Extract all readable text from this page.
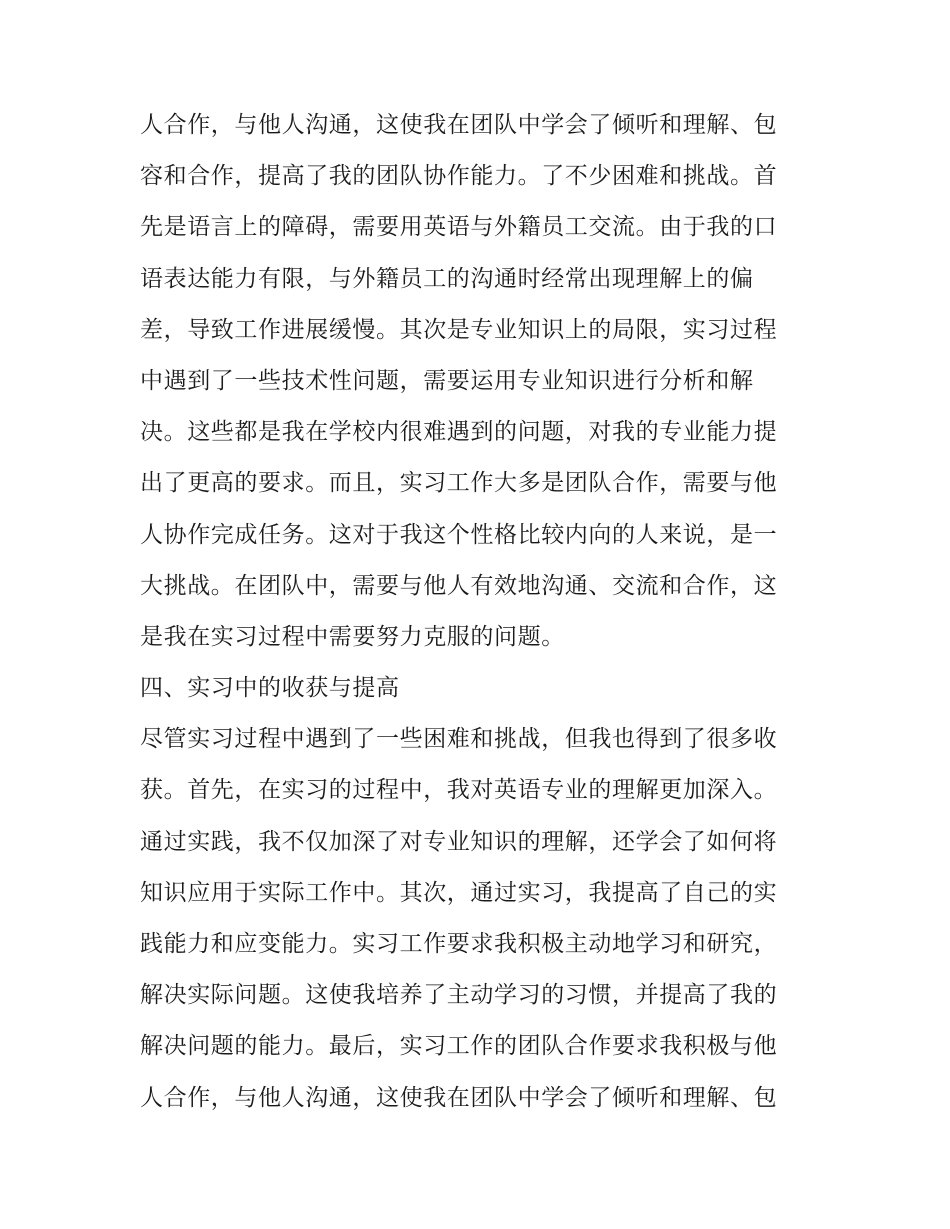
人合作，与他人沟通，这使我在团队中学会了倾听和理解、包
容和合作，提高了我的团队协作能力。了不少困难和挑战。首
先是语言上的障碍，需要用英语与外籍员工交流。由于我的口
语表达能力有限，与外籍员工的沟通时经常出现理解上的偏
差，导致工作进展缓慢。其次是专业知识上的局限，实习过程
中遇到了一些技术性问题，需要运用专业知识进行分析和解
决。这些都是我在学校内很难遇到的问题，对我的专业能力提
出了更高的要求。而且，实习工作大多是团队合作，需要与他
人协作完成任务。这对于我这个性格比较内向的人来说，是一
大挑战。在团队中，需要与他人有效地沟通、交流和合作，这
是我在实习过程中需要努力克服的问题。
四、实习中的收获与提高
尽管实习过程中遇到了一些困难和挑战，但我也得到了很多收
获。首先，在实习的过程中，我对英语专业的理解更加深入。
通过实践，我不仅加深了对专业知识的理解，还学会了如何将
知识应用于实际工作中。其次，通过实习，我提高了自己的实
践能力和应变能力。实习工作要求我积极主动地学习和研究，
解决实际问题。这使我培养了主动学习的习惯，并提高了我的
解决问题的能力。最后，实习工作的团队合作要求我积极与他
人合作，与他人沟通，这使我在团队中学会了倾听和理解、包
